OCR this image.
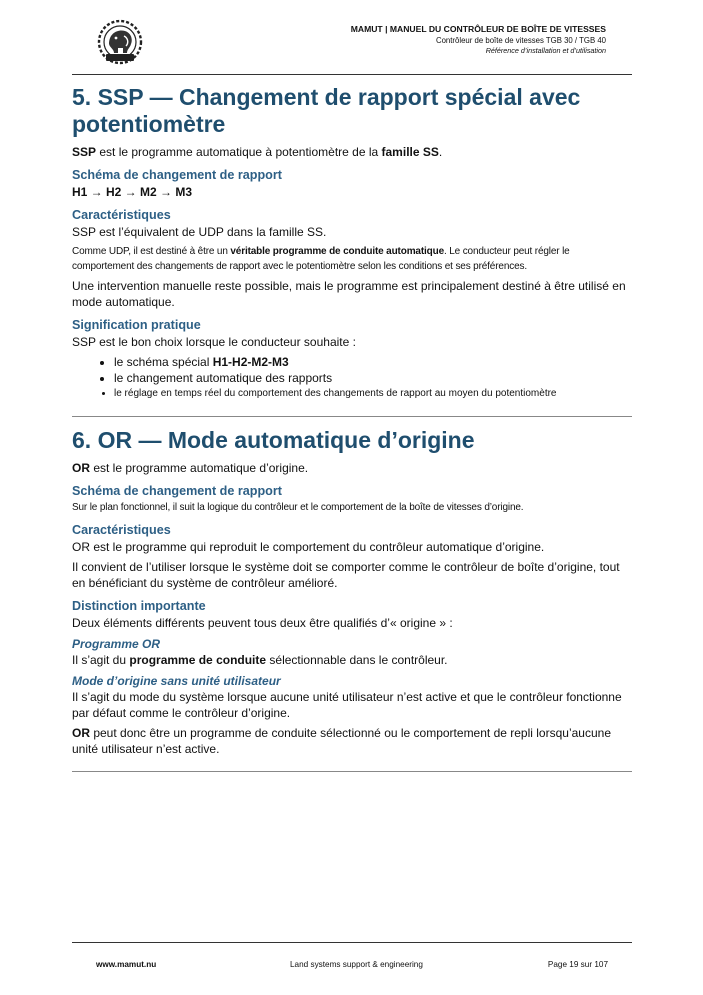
MAMUT | MANUEL DU CONTRÔLEUR DE BOÎTE DE VITESSES
Contrôleur de boîte de vitesses TGB 30 / TGB 40
Référence d’installation et d’utilisation
5. SSP — Changement de rapport spécial avec potentiomètre

SSP est le programme automatique à potentiomètre de la famille SS.

Schéma de changement de rapport

H1 → H2 → M2 → M3

Caractéristiques

SSP est l’équivalent de UDP dans la famille SS.

Comme UDP, il est destiné à être un véritable programme de conduite automatique. Le conducteur peut régler le comportement des changements de rapport avec le potentiomètre selon les conditions et ses préférences.

Une intervention manuelle reste possible, mais le programme est principalement destiné à être utilisé en mode automatique.

Signification pratique

SSP est le bon choix lorsque le conducteur souhaite :

• le schéma spécial H1-H2-M2-M3
• le changement automatique des rapports
• le réglage en temps réel du comportement des changements de rapport au moyen du potentiomètre
6. OR — Mode automatique d’origine

OR est le programme automatique d’origine.

Schéma de changement de rapport

Sur le plan fonctionnel, il suit la logique du contrôleur et le comportement de la boîte de vitesses d’origine.

Caractéristiques

OR est le programme qui reproduit le comportement du contrôleur automatique d’origine.

Il convient de l’utiliser lorsque le système doit se comporter comme le contrôleur de boîte d’origine, tout en bénéficiant du système de contrôleur amélioré.

Distinction importante

Deux éléments différents peuvent tous deux être qualifiés d’« origine » :

Programme OR

Il s’agit du programme de conduite sélectionnable dans le contrôleur.

Mode d’origine sans unité utilisateur

Il s’agit du mode du système lorsque aucune unité utilisateur n’est active et que le contrôleur fonctionne par défaut comme le contrôleur d’origine.

OR peut donc être un programme de conduite sélectionné ou le comportement de repli lorsqu’aucune unité utilisateur n’est active.

www.mamut.nu	Land systems support & engineering	Page 19 sur 107
